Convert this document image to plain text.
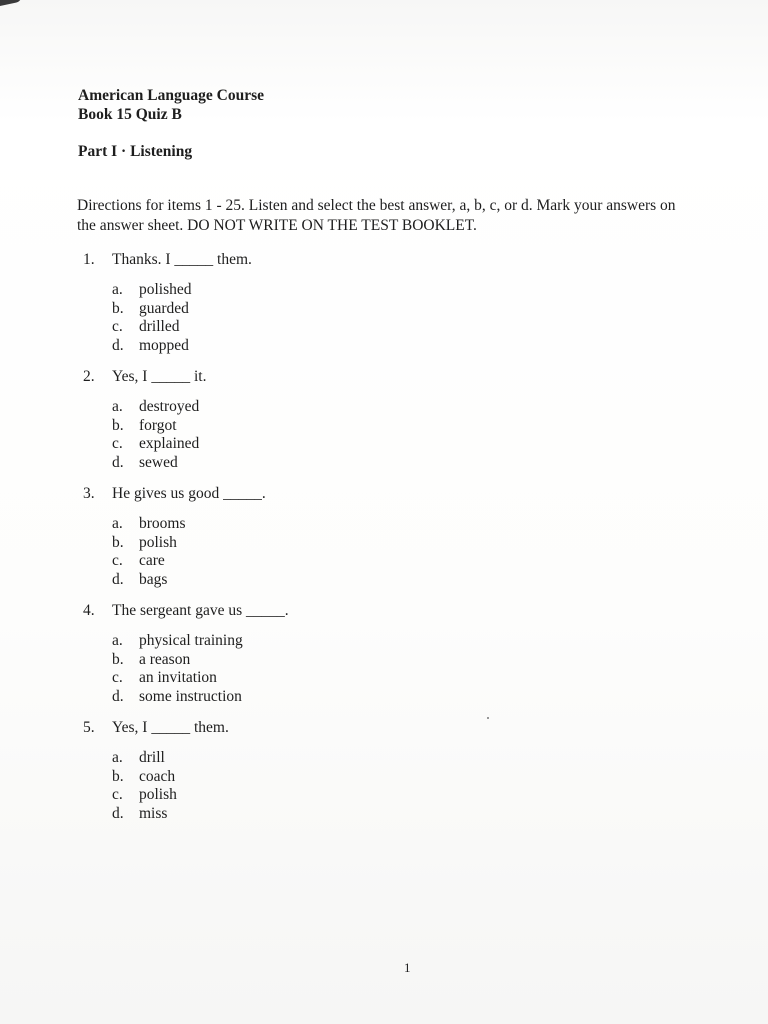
American Language Course
Book 15 Quiz B
Part I · Listening
Directions for items 1 - 25. Listen and select the best answer, a, b, c, or d. Mark your answers on the answer sheet. DO NOT WRITE ON THE TEST BOOKLET.
1. Thanks. I _____ them.
a. polished
b. guarded
c. drilled
d. mopped
2. Yes, I _____ it.
a. destroyed
b. forgot
c. explained
d. sewed
3. He gives us good _____.
a. brooms
b. polish
c. care
d. bags
4. The sergeant gave us _____.
a. physical training
b. a reason
c. an invitation
d. some instruction
5. Yes, I _____ them.
a. drill
b. coach
c. polish
d. miss
1
